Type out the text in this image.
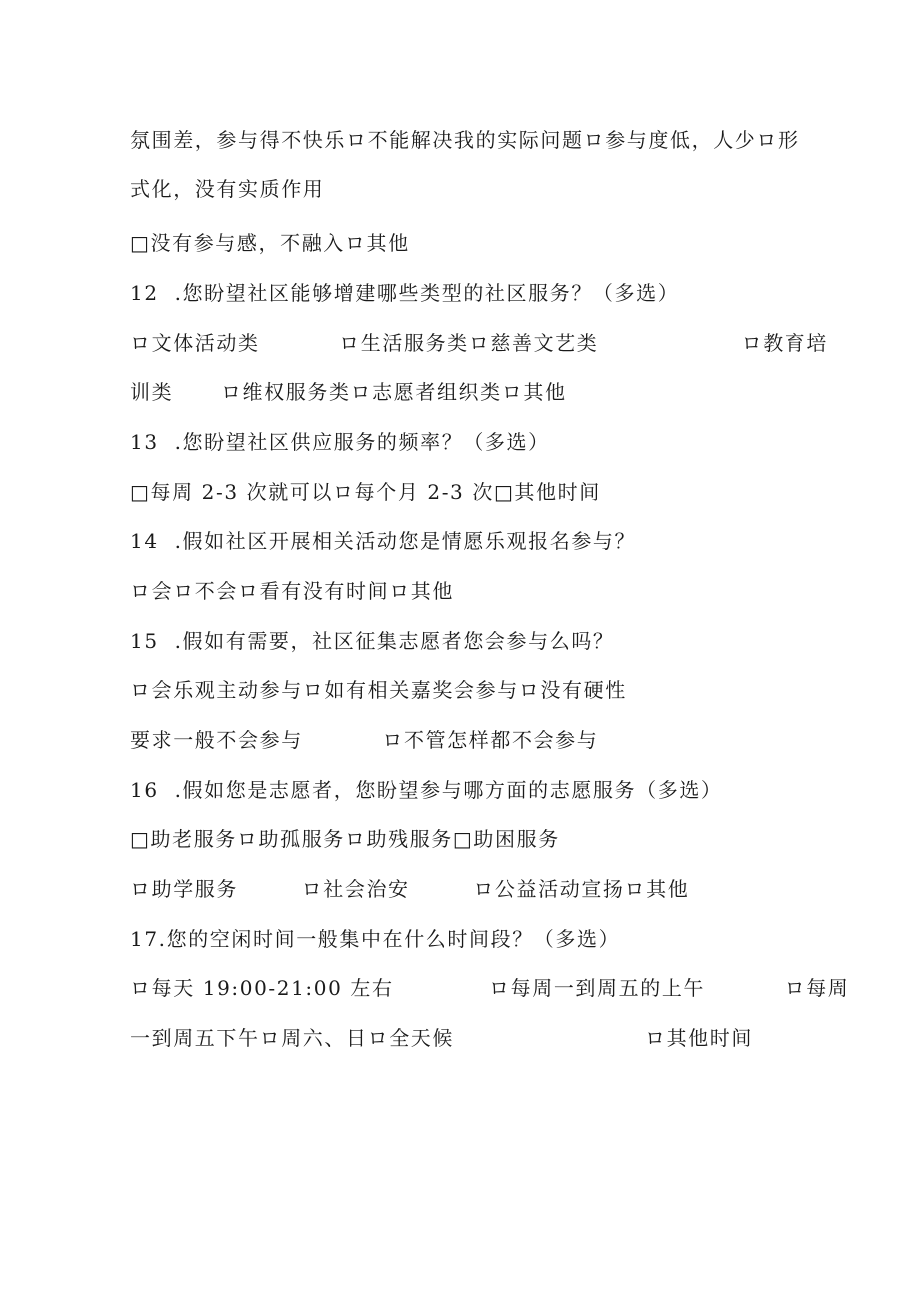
氛围差，参与得不快乐ロ不能解决我的实际问题ロ参与度低，人少ロ形
式化，没有实质作用
□没有参与感，不融入ロ其他
12  .您盼望社区能够增建哪些类型的社区服务？（多选）
ロ文体活动类          ロ生活服务类ロ慈善文艺类                  ロ教育培
训类      ロ维权服务类ロ志愿者组织类ロ其他
13  .您盼望社区供应服务的频率？（多选）
□每周 2-3 次就可以ロ每个月 2-3 次□其他时间
14  .假如社区开展相关活动您是情愿乐观报名参与？
ロ会ロ不会ロ看有没有时间ロ其他
15  .假如有需要，社区征集志愿者您会参与么吗？
ロ会乐观主动参与ロ如有相关嘉奖会参与ロ没有硬性
要求一般不会参与          ロ不管怎样都不会参与
16  .假如您是志愿者，您盼望参与哪方面的志愿服务（多选）
□助老服务ロ助孤服务ロ助残服务□助困服务
ロ助学服务        ロ社会治安        ロ公益活动宣扬ロ其他
17.您的空闲时间一般集中在什么时间段？（多选）
ロ每天 19:00-21:00 左右            ロ每周一到周五的上午          ロ每周
一到周五下午ロ周六、日ロ全天候                        ロ其他时间
